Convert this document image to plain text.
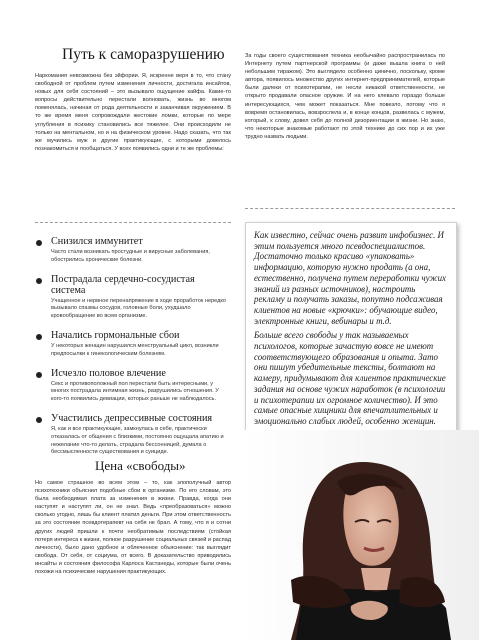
Путь к саморазрушению

Наркомания невозможна без эйфории. Я, искренне веря в то, что стану свободной от проблем путем изменения личности, достигала инсайтов, новых для себя состояний – это вызывало ощущение кайфа. Какие-то вопросы действительно перестали волновать, жизнь во многом поменялась, начиная от рода деятельности и заканчивая окружением. В то же время меня сопровождали жестокие ломки, которые по мере углубления в психику становились все тяжелее. Они происходили не только на ментальном, но и на физическом уровне. Надо сказать, что так же мучились муж и другие практикующие, с которыми довелось познакомиться и пообщаться. У всех появились одни и те же проблемы:

За годы своего существования техника необычайно распространилась по Интернету путем партнерской программы (и даже вышла книга о ней небольшим тиражом). Это выглядело особенно цинично, поскольку, кроме автора, появилось множество других интернет-предпринимателей, которые были далеки от психотерапии, не несли никакой ответственности, не открыто продавали опасное оружие. И на него клевало гораздо больше интересующихся, чем может показаться. Мне повезло, потому что я вовремя остановилась, вовзрослела и, в конце концов, развелась с мужем, который, к слову, довел себя до полной дезориентации в жизни. Но знаю, что некоторые знакомые работают по этой технике до сих пор и их уже трудно назвать людьми.

Снизился иммунитет
Часто стали возникать простудные и вирусные заболевания, обострились хронические болезни.
Пострадала сердечно-сосудистая система
Учащенное и нервное перенапряжение в ходе проработок нередко вызывало спазмы сосудов, головные боли, ухудшало кровообращение во всем организме.
Начались гормональные сбои
У некоторых женщин нарушился менструальный цикл, возникли предпосылки к гинекологическим болезням.
Исчезло половое влечение
Секс и противоположный пол перестали быть интересными, у многих пострадала интимная жизнь, разрушились отношения. У кого-то появились девиации, которых раньше не наблюдалось.
Участились депрессивные состояния
Я, как и все практикующие, замкнулась в себе, практически отказалась от общения с близкими, постоянно ощущала апатию и нежелание что-то делать, страдала бессонницей, думала о бессмысленности существования и суициде.

Как известно, сейчас очень развит инфобизнес. И этим пользуется много псевдоспециалистов. Достаточно только красиво «упаковать» информацию, которую нужно продать (а она, естественно, получена путем переработки чужих знаний из разных источников), настроить рекламу и получать заказы, попутно подсаживая клиентов на новые «крючки»: обучающие видео, электронные книги, вебинары и т.д.

Больше всего свободы у так называемых психологов, которые зачастую вовсе не имеют соответствующего образования и опыта. Зато они пишут убедительные тексты, болтают на камеру, придумывают для клиентов практические задания на основе чужих наработок (в психологии и психотерапии их огромное количество). И это самые опасные хищники для впечатлительных и эмоционально слабых людей, особенно женщин.

Цена «свободы»

Но самое страшное во всем этом – то, как злополучный автор психотехники объяснил подобные сбои в организме. По его словам, это была необходимая плата за изменения в жизни. Правда, когда они наступят и наступят ли, он не знал. Ведь «преобразоваться» можно сколько угодно, лишь бы клиент платил деньги. При этом ответственность за это состояние псевдотерапевт на себя не брал. А тому, что я и сотни других людей пришли к почти необратимым последствиям (стойкая потеря интереса к жизни, полное разрушение социальных связей и распад личности), было дано удобное и облеченное объяснение: так выглядит свобода. От себя, от социума, от всего. В доказательство приводились инсайты и состояния философа Карлоса Кастанеды, которые были очень похожи на психические нарушения практикующих.
